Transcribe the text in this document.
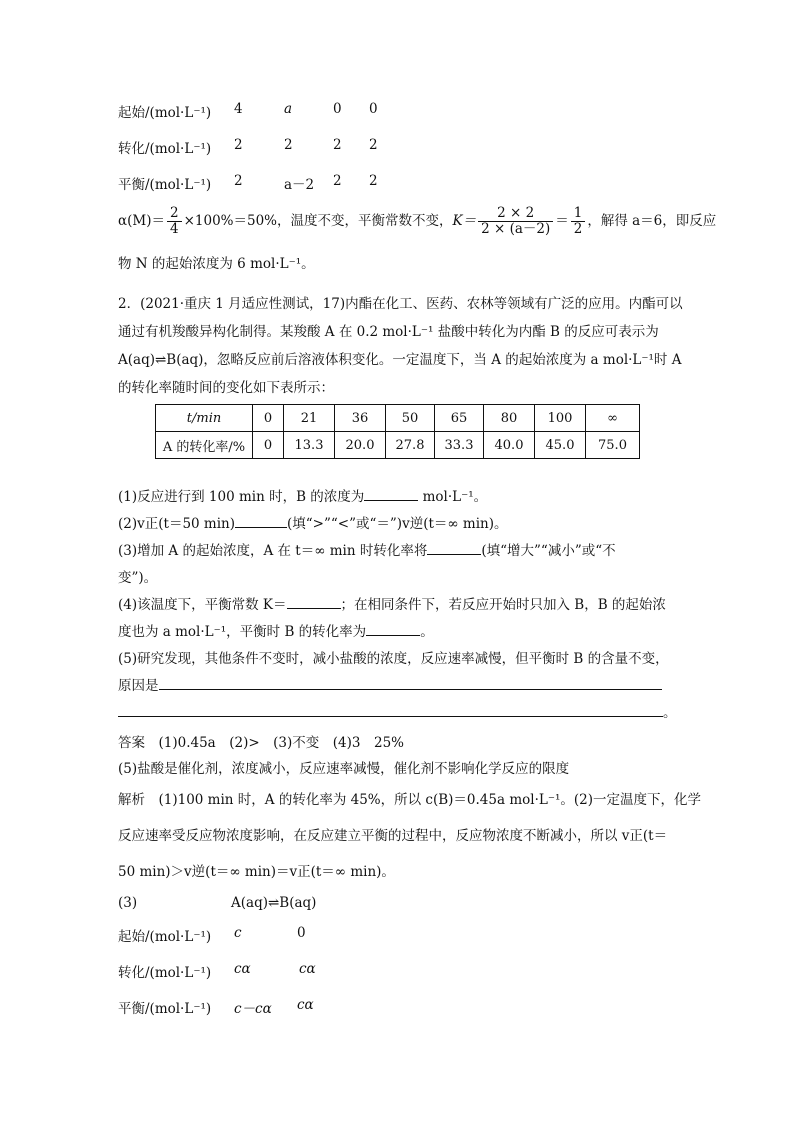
起始/(mol·L⁻¹) 4	a	0 0
转化/(mol·L⁻¹) 2	2	2 2
平衡/(mol·L⁻¹) 2	a－2 2 2
$\alpha(M)= \frac{2}{4} \times 100\%=50\%$，温度不变，平衡常数不变，$K= \frac{2 \times 2}{2 \times (a-2)} = \frac{1}{2}$ ，解得 a＝6，即反应
物 N 的起始浓度为 6 mol·L⁻¹。
2．(2021·重庆 1 月适应性测试，17)内酯在化工、医药、农林等领域有广泛的应用。内酯可以
通过有机羧酸异构化制得。某羧酸 A 在 0.2 mol·L⁻¹ 盐酸中转化为内酯 B 的反应可表示为
A(aq)⇌B(aq)，忽略反应前后溶液体积变化。一定温度下，当 A 的起始浓度为 a mol·L⁻¹时 A
的转化率随时间的变化如下表所示：
t/min	0	21	36	50	65	80	100	∞
A 的转化率/%	0	13.3	20.0	27.8	33.3	40.0	45.0	75.0
(1)反应进行到 100 min 时，B 的浓度为	mol·L⁻¹。
(2)v正(t＝50 min)	(填“>”“<”或“＝”)v逆(t＝∞ min)。
(3)增加 A 的起始浓度，A 在 t＝∞ min 时转化率将	(填“增大”“减小”或“不
变”)。
(4)该温度下，平衡常数 K＝	；在相同条件下，若反应开始时只加入 B，B 的起始浓
度也为 a mol·L⁻¹，平衡时 B 的转化率为	。
(5)研究发现，其他条件不变时，减小盐酸的浓度，反应速率减慢，但平衡时 B 的含量不变，
原因是
。
答案　(1)0.45a　(2)>　(3)不变　(4)3　25%
(5)盐酸是催化剂，浓度减小，反应速率减慢，催化剂不影响化学反应的限度
解析　(1)100 min 时，A 的转化率为 45%，所以 c(B)＝0.45a mol·L⁻¹。(2)一定温度下，化学
反应速率受反应物浓度影响，在反应建立平衡的过程中，反应物浓度不断减小，所以 v正(t＝
50 min)＞v逆(t＝∞ min)＝v正(t＝∞ min)。
(3)	A(aq)⇌B(aq)
起始/(mol·L⁻¹) c	0
转化/(mol·L⁻¹) cα	cα
平衡/(mol·L⁻¹) c－cα cα
